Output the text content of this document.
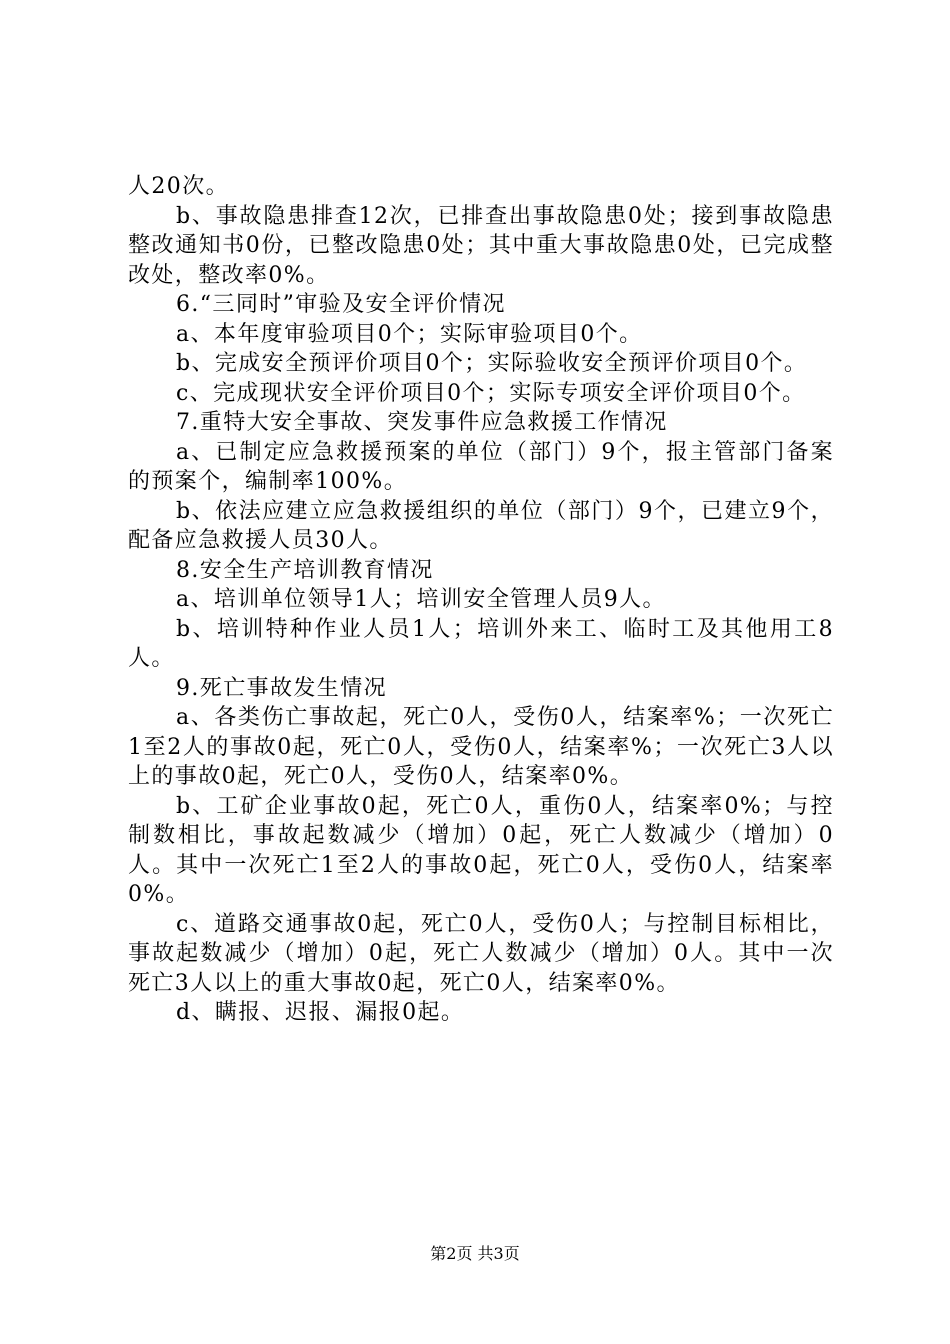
人20次。

b、事故隐患排查12次，已排查出事故隐患0处；接到事故隐患整改通知书0份，已整改隐患0处；其中重大事故隐患0处，已完成整改处，整改率0%。

6.“三同时”审验及安全评价情况

a、本年度审验项目0个；实际审验项目0个。

b、完成安全预评价项目0个；实际验收安全预评价项目0个。

c、完成现状安全评价项目0个；实际专项安全评价项目0个。

7.重特大安全事故、突发事件应急救援工作情况

a、已制定应急救援预案的单位（部门）9个，报主管部门备案的预案个，编制率100%。

b、依法应建立应急救援组织的单位（部门）9个，已建立9个，配备应急救援人员30人。

8.安全生产培训教育情况

a、培训单位领导1人；培训安全管理人员9人。

b、培训特种作业人员1人；培训外来工、临时工及其他用工8人。

9.死亡事故发生情况

a、各类伤亡事故起，死亡0人，受伤0人，结案率%；一次死亡1至2人的事故0起，死亡0人，受伤0人，结案率%；一次死亡3人以上的事故0起，死亡0人，受伤0人，结案率0%。

b、工矿企业事故0起，死亡0人，重伤0人，结案率0%；与控制数相比，事故起数减少（增加）0起，死亡人数减少（增加）0人。其中一次死亡1至2人的事故0起，死亡0人，受伤0人，结案率0%。

c、道路交通事故0起，死亡0人，受伤0人；与控制目标相比，事故起数减少（增加）0起，死亡人数减少（增加）0人。其中一次死亡3人以上的重大事故0起，死亡0人，结案率0%。

d、瞒报、迟报、漏报0起。

第2页 共3页
